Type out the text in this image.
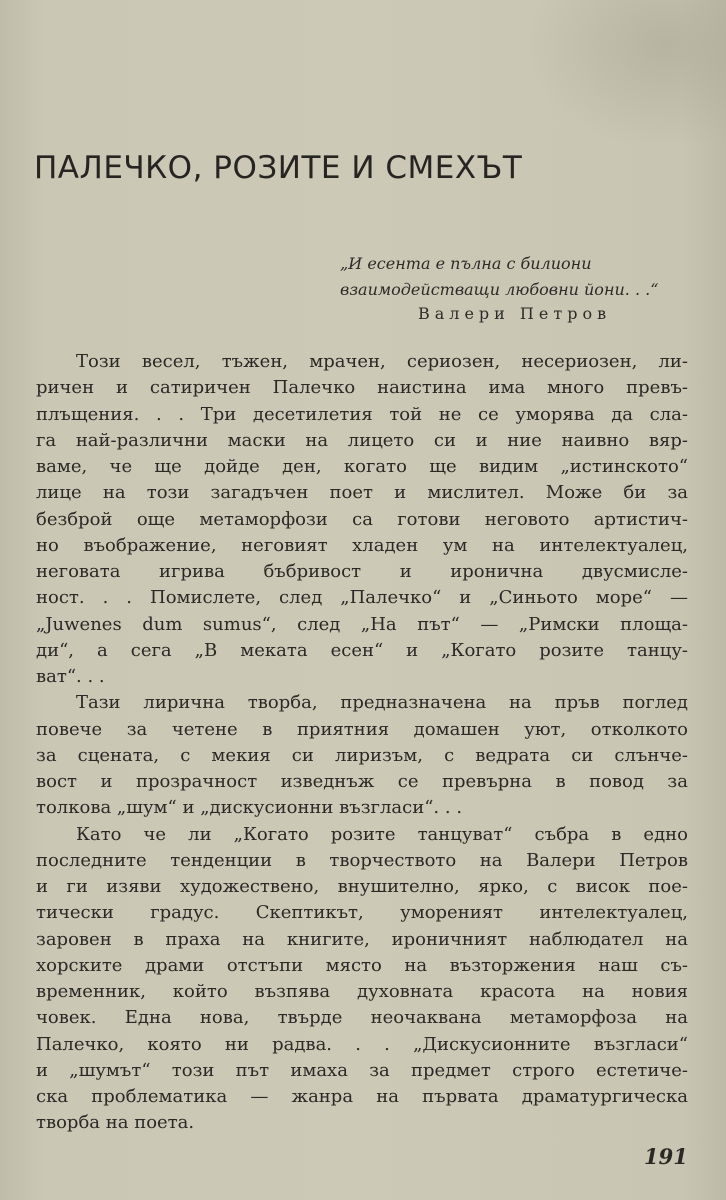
ПАЛЕЧКО, РОЗИТЕ И СМЕХЪТ
„И есента е пълна с билиони
взаимодействащи любовни йони. . .“
Валери Петров
Този весел, тъжен, мрачен, сериозен, несериозен, ли-
ричен и сатиричен Палечко наистина има много превъ-
плъщения. . . Три десетилетия той не се уморява да сла-
га най-различни маски на лицето си и ние наивно вяр-
ваме, че ще дойде ден, когато ще видим „истинското“
лице на този загадъчен поет и мислител. Може би за
безброй още метаморфози са готови неговото артистич-
но въображение, неговият хладен ум на интелектуалец,
неговата игрива бъбривост и иронична двусмисле-
ност. . . Помислете, след „Палечко“ и „Синьото море“ —
„Juwenes dum sumus“, след „На път“ — „Римски площа-
ди“, а сега „В меката есен“ и „Когато розите танцу-
ват“. . .
Тази лирична творба, предназначена на пръв поглед
повече за четене в приятния домашен уют, отколкото
за сцената, с мекия си лиризъм, с ведрата си слънче-
вост и прозрачност изведнъж се превърна в повод за
толкова „шум“ и „дискусионни възгласи“. . .
Като че ли „Когато розите танцуват“ събра в едно
последните тенденции в творчеството на Валери Петров
и ги изяви художествено, внушително, ярко, с висок пое-
тически градус. Скептикът, умореният интелектуалец,
заровен в праха на книгите, ироничният наблюдател на
хорските драми отстъпи място на възторжения наш съ-
временник, който възпява духовната красота на новия
човек. Една нова, твърде неочаквана метаморфоза на
Палечко, която ни радва. . . „Дискусионните възгласи“
и „шумът“ този път имаха за предмет строго естетиче-
ска проблематика — жанра на първата драматургическа
творба на поета.
191
